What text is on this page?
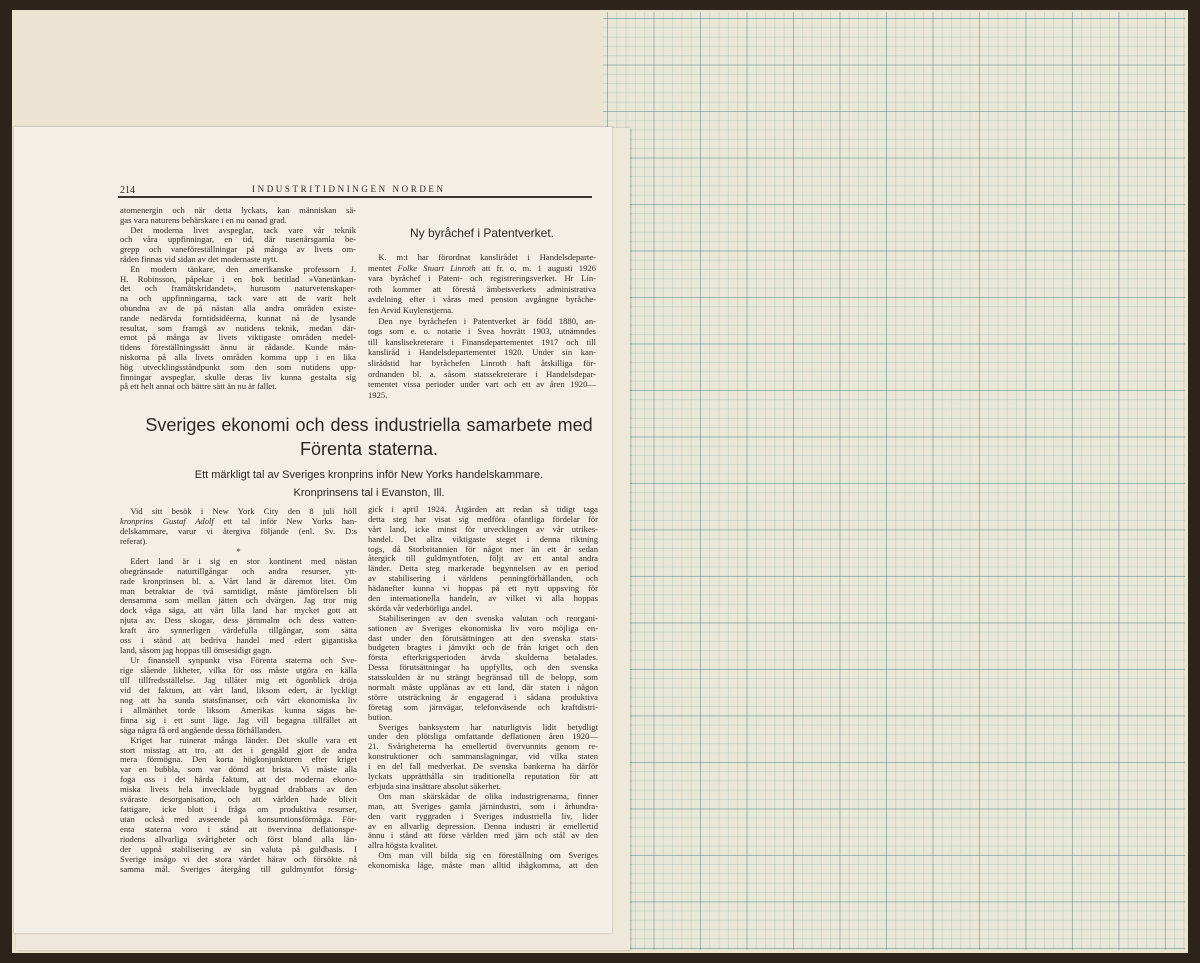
214	INDUSTRITIDNINGEN NORDEN
atomenergin och när detta lyckats, kan människan sä-
gas vara naturens behärskare i en nu oanad grad.
Det moderna livet avspeglar, tack vare vår teknik
och våra uppfinningar, en tid, där tusenårsgamla be-
grepp och vaneföreställningar på många av livets om-
råden finnas vid sidan av det modernaste nytt.
En modern tänkare, den amerikanske professorn J.
H. Robinsson, påpekar i en bok betitlad »Vanetänkan-
det och framåtskridandet», hurusom naturvetenskaper-
na och uppfinningarna, tack vare att de varit helt
obundna av de på nästan alla andra områden existe-
rande nedärvda forntidsidéerna, kunnat nå de lysande
resultat, som framgå av nutidens teknik, medan där-
emot på många av livets viktigaste områden medel-
tidens föreställningssätt ännu är rådande. Kunde män-
niskorna på alla livets områden komma upp i en lika
hög utvecklingsståndpunkt som den som nutidens upp-
finningar avspeglar, skulle deras liv kunna gestalta sig
på ett helt annat och bättre sätt än nu är fallet.
Ny byråchef i Patentverket.
K. m:t har förordnat kanslirådet i Handelsdeparte-
mentet Folke Stuart Linroth att fr. o. m. 1 augusti 1926
vara byråchef i Patent- och registreringsverket. Hr Lin-
roth kommer att förestå ämbetsverkets administrativa
avdelning efter i våras med pension avgångne byråche-
fen Arvid Kuylenstjerna.
Den nye byråchefen i Patentverket är född 1880, an-
togs som e. o. notarie i Svea hovrätt 1903, utnämndes
till kanslisekreterare i Finansdepartementet 1917 och till
kansliråd i Handelsdepartementet 1920. Under sin kan-
slirådstid har byråchefen Linroth haft åtskilliga för-
ordnanden bl. a. såsom statssekreterare i Handelsdepar-
tementet vissa perioder under vart och ett av åren 1920—
1925.
Sveriges ekonomi och dess industriella samarbete med
Förenta staterna.
Ett märkligt tal av Sveriges kronprins inför New Yorks handelskammare.
Kronprinsens tal i Evanston, Ill.
Vid sitt besök i New York City den 8 juli höll
kronprins Gustaf Adolf ett tal inför New Yorks han-
delskammare, varur vi återgiva följande (enl. Sv. D:s
referat).
*
Edert land är i sig en stor kontinent med nästan
obegränsade naturtillgångar och andra resurser, ytt-
rade kronprinsen bl. a. Vårt land är däremot litet. Om
man betraktar de två samtidigt, måste jämförelsen bli
densamma som mellan jätten och dvärgen. Jag tror mig
dock våga säga, att vårt lilla land har mycket gott att
njuta av. Dess skogar, dess järnmalm och dess vatten-
kraft äro synnerligen värdefulla tillgångar, som sätta
oss i stånd att bedriva handel med edert gigantiska
land, såsom jag hoppas till ömsesidigt gagn.
Ur finansiell synpunkt visa Förenta staterna och Sve-
rige slående likheter, vilka för oss måste utgöra en källa
till tillfredsställelse. Jag tillåter mig ett ögonblick dröja
vid det faktum, att vårt land, liksom edert, är lyckligt
nog att ha sunda statsfinanser, och vårt ekonomiska liv
i allmänhet torde liksom Amerikas kunna sägas be-
finna sig i ett sunt läge. Jag vill begagna tillfället att
säga några få ord angående dessa förhållanden.
Kriget har ruinerat många länder. Det skulle vara ett
stort misstag att tro, att det i gengäld gjort de andra
mera förmögna. Den korta högkonjunkturen efter kriget
var en bubbla, som var dömd att brista. Vi måste alla
foga oss i det hårda faktum, att det moderna ekono-
miska livets hela invecklade byggnad drabbats av den
svåraste desorganisation, och att världen hade blivit
fattigare, icke blott i fråga om produktiva resurser,
utan också med avseende på konsumtionsförmåga. För-
enta staterna voro i stånd att övervinna deflationspe-
riodens allvarliga svårigheter och först bland alla län-
der uppnå stabilisering av sin valuta på guldbasis. I
Sverige insågo vi det stora värdet härav och försökte nå
samma mål. Sveriges återgång till guldmyntfot försig-
gick i april 1924. Åtgärden att redan så tidigt taga
detta steg har visat sig medföra ofantliga fördelar för
vårt land, icke minst för utvecklingen av vår utrikes-
handel. Det allra viktigaste steget i denna riktning
togs, då Storbritannien för något mer än ett år sedan
återgick till guldmyntfoten, följt av ett antal andra
länder. Detta steg markerade begynnelsen av en period
av stabilisering i världens penningförhållanden, och
hädanefter kunna vi hoppas på ett nytt uppsving för
den internationella handeln, av vilket vi alla hoppas
skörda vår vederbörliga andel.
Stabiliseringen av den svenska valutan och reorgani-
sationen av Sveriges ekonomiska liv voro möjliga en-
dast under den förutsättningen att den svenska stats-
budgeten bragtes i jämvikt och de från kriget och den
första efterkrigsperioden ärvda skulderna betalades.
Dessa förutsättningar ha uppfyllts, och den svenska
statsskulden är nu strängt begränsad till de belopp, som
normalt måste upplånas av ett land, där staten i någon
större utsträckning är engagerad i sådana produktiva
företag som järnvägar, telefonväsende och kraftdistri-
bution.
Sveriges banksystem har naturligtvis lidit betydligt
under den plötsliga omfattande deflationen åren 1920—
21. Svårigheterna ha emellertid övervunnits genom re-
konstruktioner och sammanslagningar, vid vilka staten
i en del fall medverkat. De svenska bankerna ha därför
lyckats upprätthålla sin traditionella reputation för att
erbjuda sina insättare absolut säkerhet.
Om man skärskådar de olika industrigrenarna, finner
man, att Sveriges gamla järnindustri, som i århundra-
den varit ryggraden i Sveriges industriella liv, lider
av en allvarlig depression. Denna industri är emellertid
ännu i stånd att förse världen med järn och stål av den
allra högsta kvalitet.
Om man vill bilda sig en föreställning om Sveriges
ekonomiska läge, måste man alltid ihågkomma, att den
